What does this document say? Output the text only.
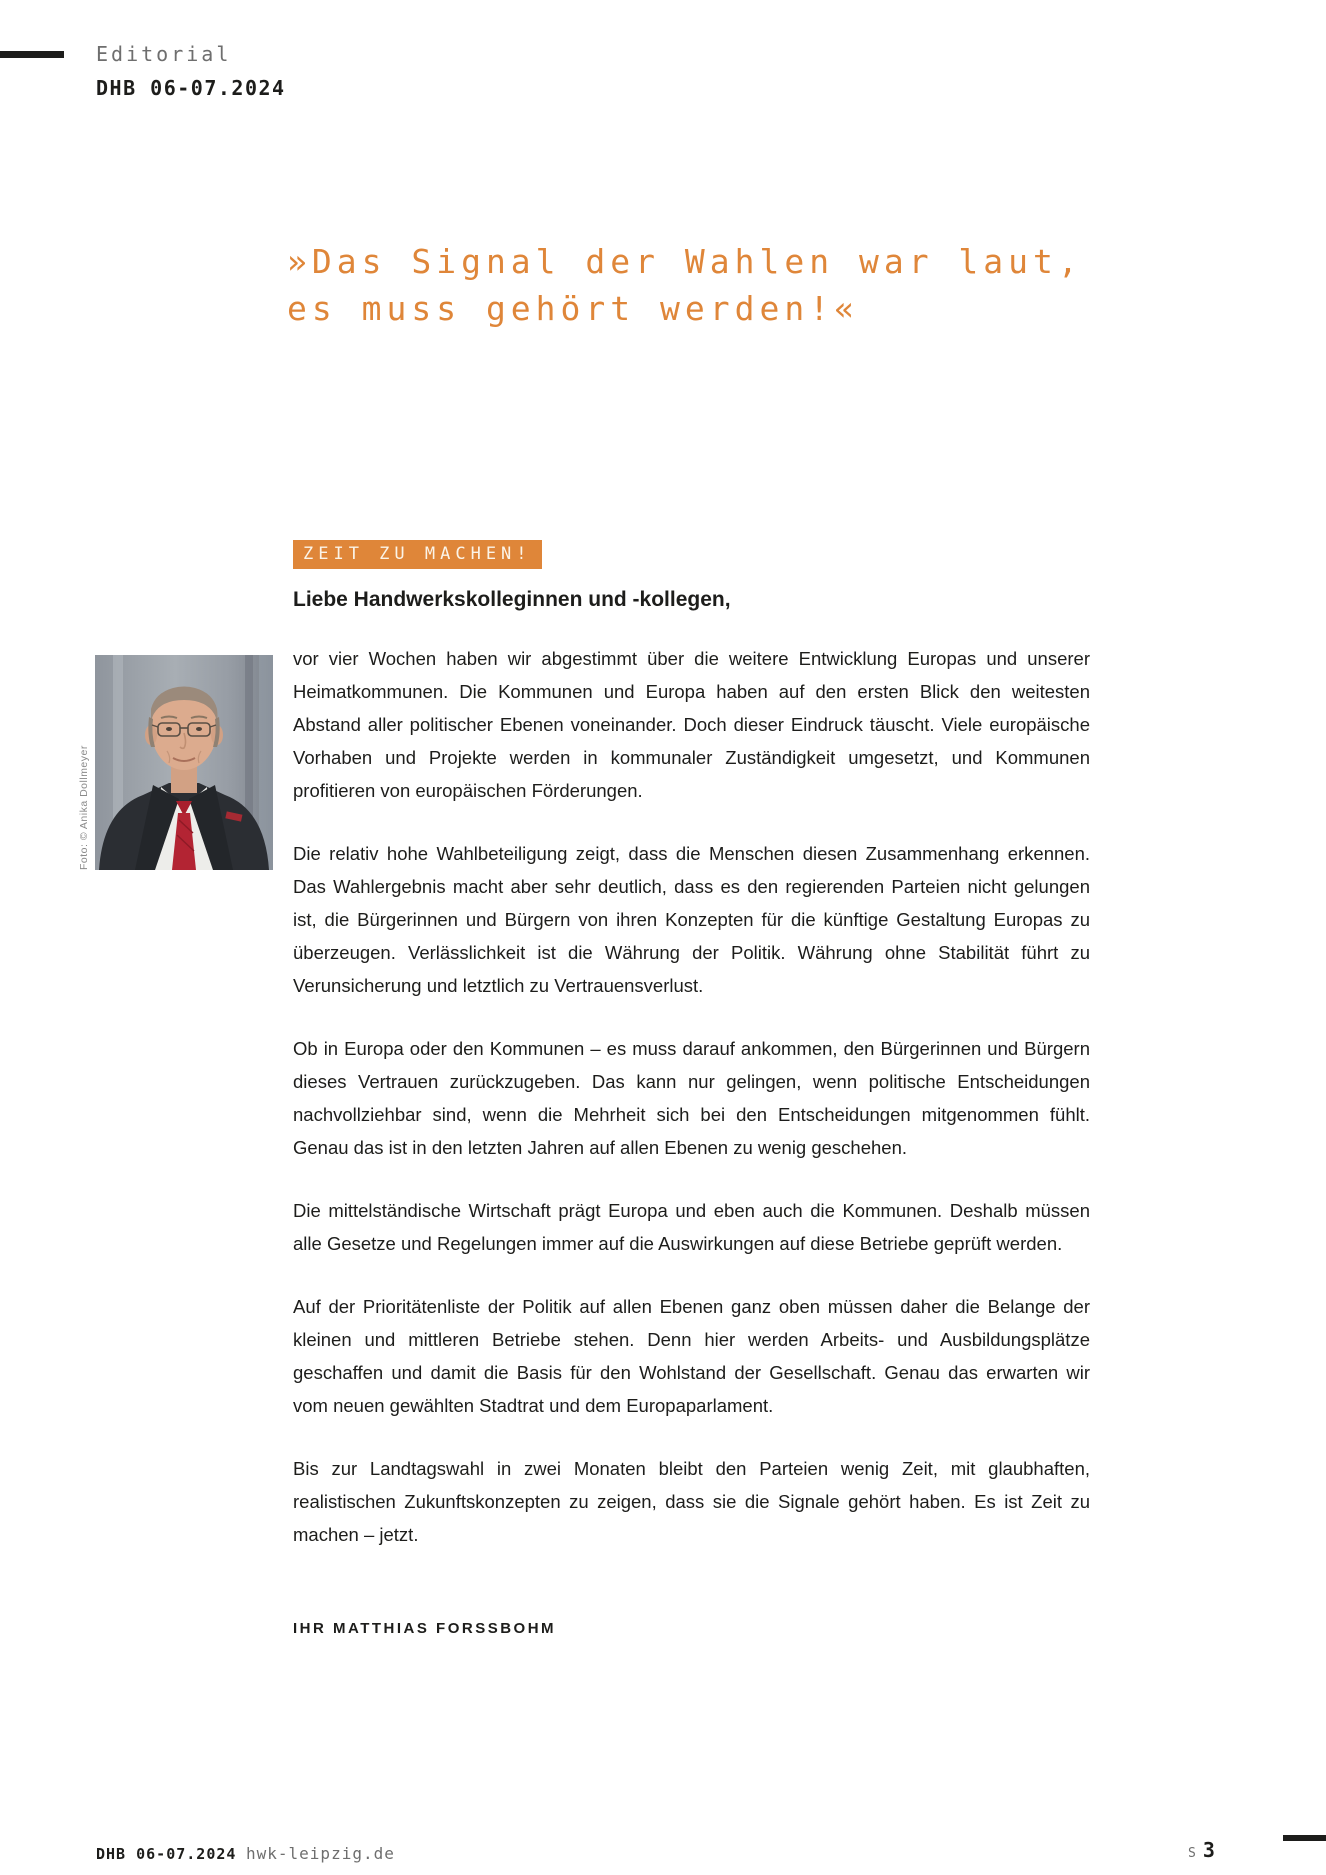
Editorial
DHB 06-07.2024
»Das Signal der Wahlen war laut,
es muss gehört werden!«
ZEIT ZU MACHEN!
Liebe Handwerkskolleginnen und -kollegen,
Foto: © Anika Dollmeyer

vor vier Wochen haben wir abgestimmt über die weitere Entwicklung Europas und unserer Heimatkommunen. Die Kommunen und Europa haben auf den ersten Blick den weitesten Abstand aller politischer Ebenen voneinander. Doch dieser Eindruck täuscht. Viele europäische Vorhaben und Projekte werden in kommunaler Zuständigkeit umgesetzt, und Kommunen profitieren von europäischen Förderungen.

Die relativ hohe Wahlbeteiligung zeigt, dass die Menschen diesen Zusammenhang erkennen. Das Wahlergebnis macht aber sehr deutlich, dass es den regierenden Parteien nicht gelungen ist, die Bürgerinnen und Bürgern von ihren Konzepten für die künftige Gestaltung Europas zu überzeugen. Verlässlichkeit ist die Währung der Politik. Währung ohne Stabilität führt zu Verunsicherung und letztlich zu Vertrauensverlust.

Ob in Europa oder den Kommunen – es muss darauf ankommen, den Bürgerinnen und Bürgern dieses Vertrauen zurückzugeben. Das kann nur gelingen, wenn politische Entscheidungen nachvollziehbar sind, wenn die Mehrheit sich bei den Entscheidungen mitgenommen fühlt. Genau das ist in den letzten Jahren auf allen Ebenen zu wenig geschehen.

Die mittelständische Wirtschaft prägt Europa und eben auch die Kommunen. Deshalb müssen alle Gesetze und Regelungen immer auf die Auswirkungen auf diese Betriebe geprüft werden.

Auf der Prioritätenliste der Politik auf allen Ebenen ganz oben müssen daher die Belange der kleinen und mittleren Betriebe stehen. Denn hier werden Arbeits- und Ausbildungsplätze geschaffen und damit die Basis für den Wohlstand der Gesellschaft. Genau das erwarten wir vom neuen gewählten Stadtrat und dem Europaparlament.

Bis zur Landtagswahl in zwei Monaten bleibt den Parteien wenig Zeit, mit glaubhaften, realistischen Zukunftskonzepten zu zeigen, dass sie die Signale gehört haben. Es ist Zeit zu machen – jetzt.

IHR MATTHIAS FORSSBOHM
DHB 06-07.2024 hwk-leipzig.de	S 3
